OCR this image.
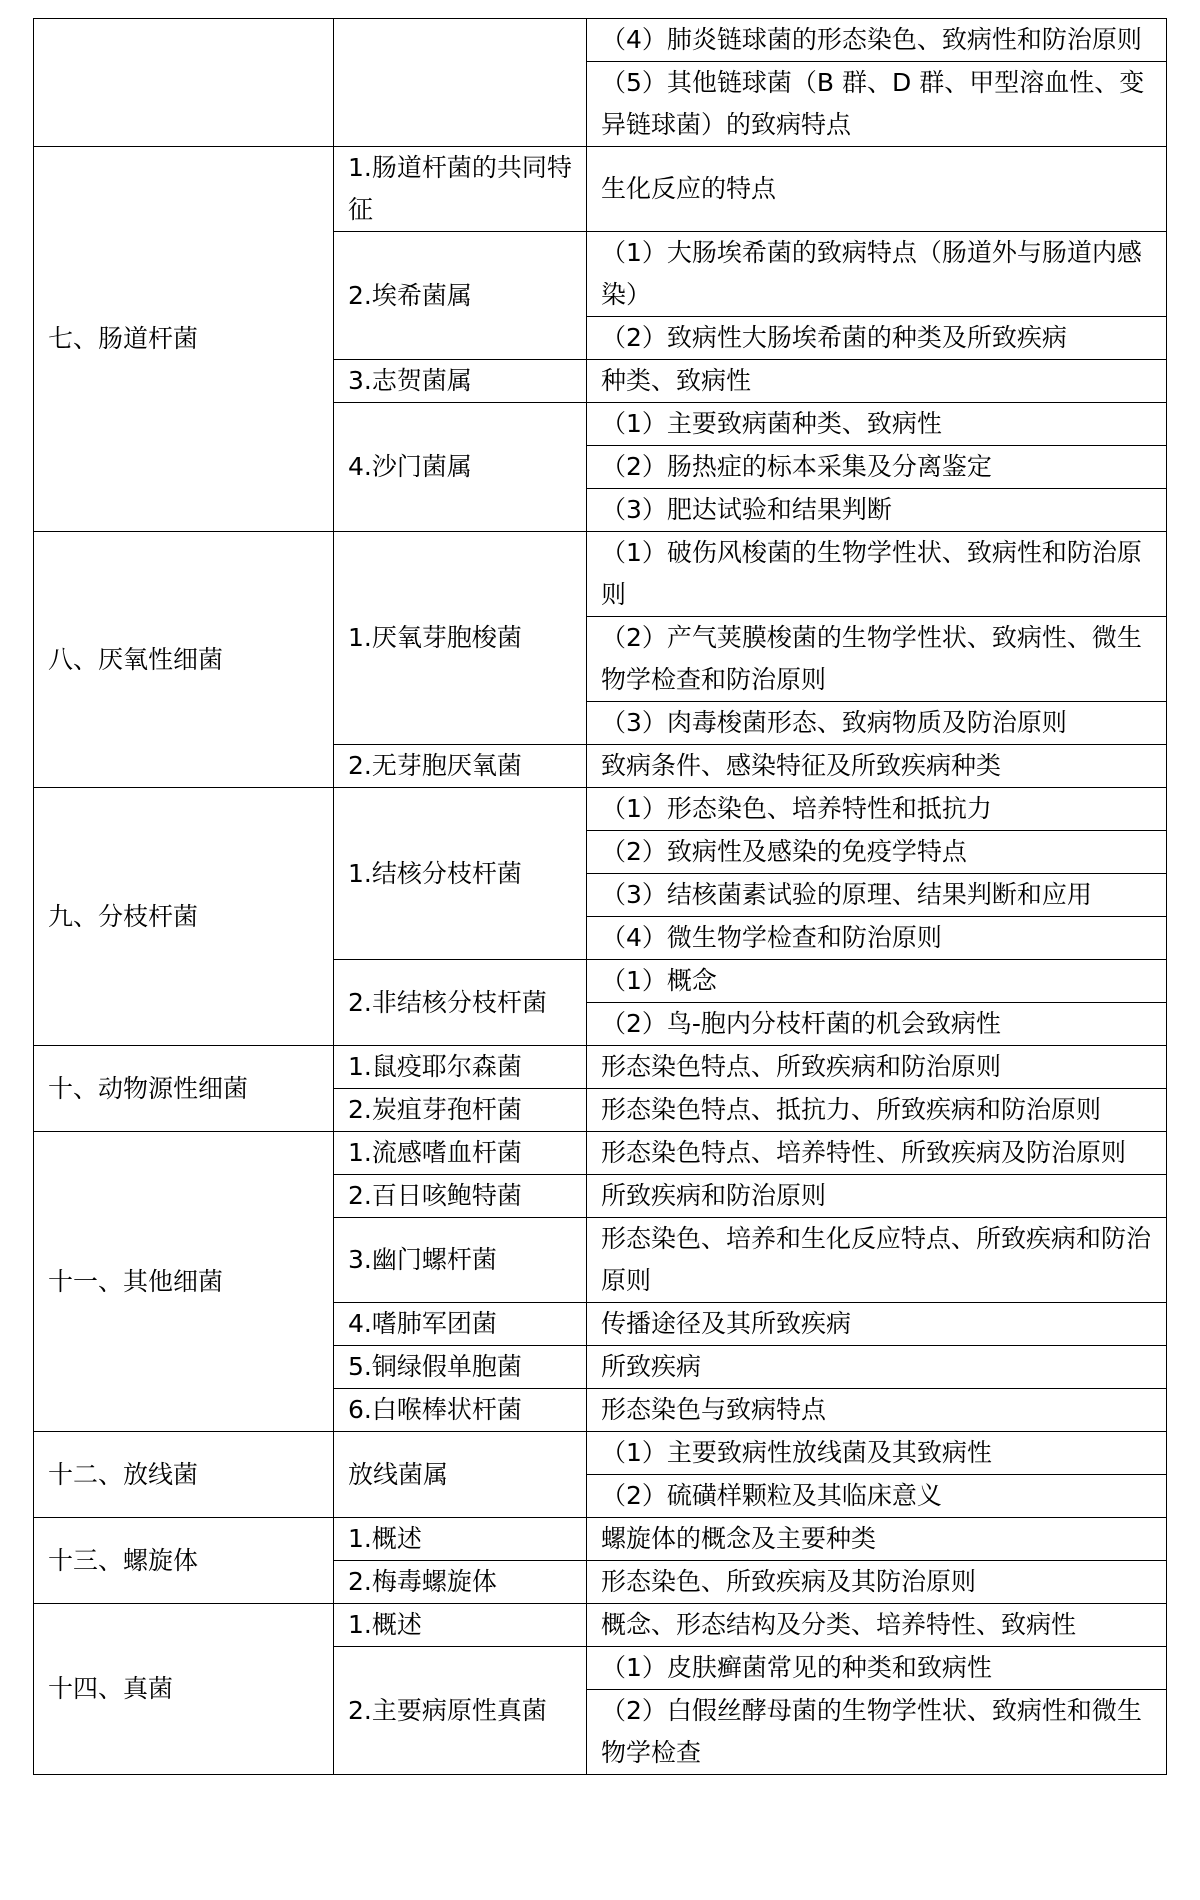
		（4）肺炎链球菌的形态染色、致病性和防治原则
		（5）其他链球菌（B 群、D 群、甲型溶血性、变异链球菌）的致病特点
七、肠道杆菌	1.肠道杆菌的共同特征	生化反应的特点
	2.埃希菌属	（1）大肠埃希菌的致病特点（肠道外与肠道内感染）
		（2）致病性大肠埃希菌的种类及所致疾病
	3.志贺菌属	种类、致病性
	4.沙门菌属	（1）主要致病菌种类、致病性
		（2）肠热症的标本采集及分离鉴定
		（3）肥达试验和结果判断
八、厌氧性细菌	1.厌氧芽胞梭菌	（1）破伤风梭菌的生物学性状、致病性和防治原则
		（2）产气荚膜梭菌的生物学性状、致病性、微生物学检查和防治原则
		（3）肉毒梭菌形态、致病物质及防治原则
	2.无芽胞厌氧菌	致病条件、感染特征及所致疾病种类
九、分枝杆菌	1.结核分枝杆菌	（1）形态染色、培养特性和抵抗力
		（2）致病性及感染的免疫学特点
		（3）结核菌素试验的原理、结果判断和应用
		（4）微生物学检查和防治原则
	2.非结核分枝杆菌	（1）概念
		（2）鸟-胞内分枝杆菌的机会致病性
十、动物源性细菌	1.鼠疫耶尔森菌	形态染色特点、所致疾病和防治原则
	2.炭疽芽孢杆菌	形态染色特点、抵抗力、所致疾病和防治原则
十一、其他细菌	1.流感嗜血杆菌	形态染色特点、培养特性、所致疾病及防治原则
	2.百日咳鲍特菌	所致疾病和防治原则
	3.幽门螺杆菌	形态染色、培养和生化反应特点、所致疾病和防治原则
	4.嗜肺军团菌	传播途径及其所致疾病
	5.铜绿假单胞菌	所致疾病
	6.白喉棒状杆菌	形态染色与致病特点
十二、放线菌	放线菌属	（1）主要致病性放线菌及其致病性
		（2）硫磺样颗粒及其临床意义
十三、螺旋体	1.概述	螺旋体的概念及主要种类
	2.梅毒螺旋体	形态染色、所致疾病及其防治原则
十四、真菌	1.概述	概念、形态结构及分类、培养特性、致病性
	2.主要病原性真菌	（1）皮肤癣菌常见的种类和致病性
		（2）白假丝酵母菌的生物学性状、致病性和微生物学检查
